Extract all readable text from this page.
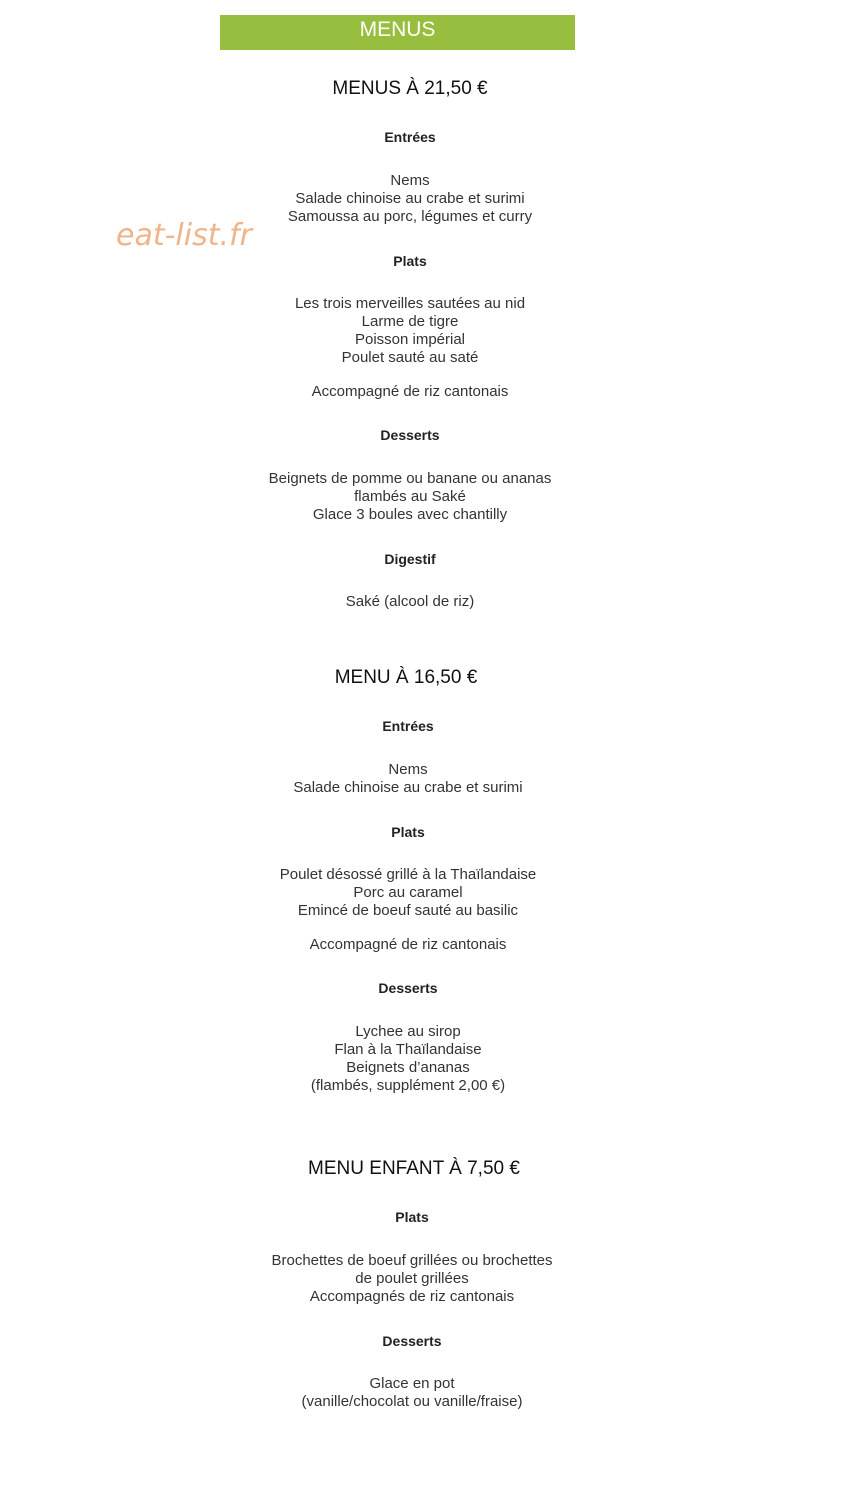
MENUS
eat-list.fr
MENUS À 21,50 €
Entrées
Nems
Salade chinoise au crabe et surimi
Samoussa au porc, légumes et curry
Plats
Les trois merveilles sautées au nid
Larme de tigre
Poisson impérial
Poulet sauté au saté
Accompagné de riz cantonais
Desserts
Beignets de pomme ou banane ou ananas
flambés au Saké
Glace 3 boules avec chantilly
Digestif
Saké (alcool de riz)
MENU À 16,50 €
Entrées
Nems
Salade chinoise au crabe et surimi
Plats
Poulet désossé grillé à la Thaïlandaise
Porc au caramel
Emincé de boeuf sauté au basilic
Accompagné de riz cantonais
Desserts
Lychee au sirop
Flan à la Thaïlandaise
Beignets d’ananas
(flambés, supplément 2,00 €)
MENU ENFANT À 7,50 €
Plats
Brochettes de boeuf grillées ou brochettes
de poulet grillées
Accompagnés de riz cantonais
Desserts
Glace en pot
(vanille/chocolat ou vanille/fraise)
